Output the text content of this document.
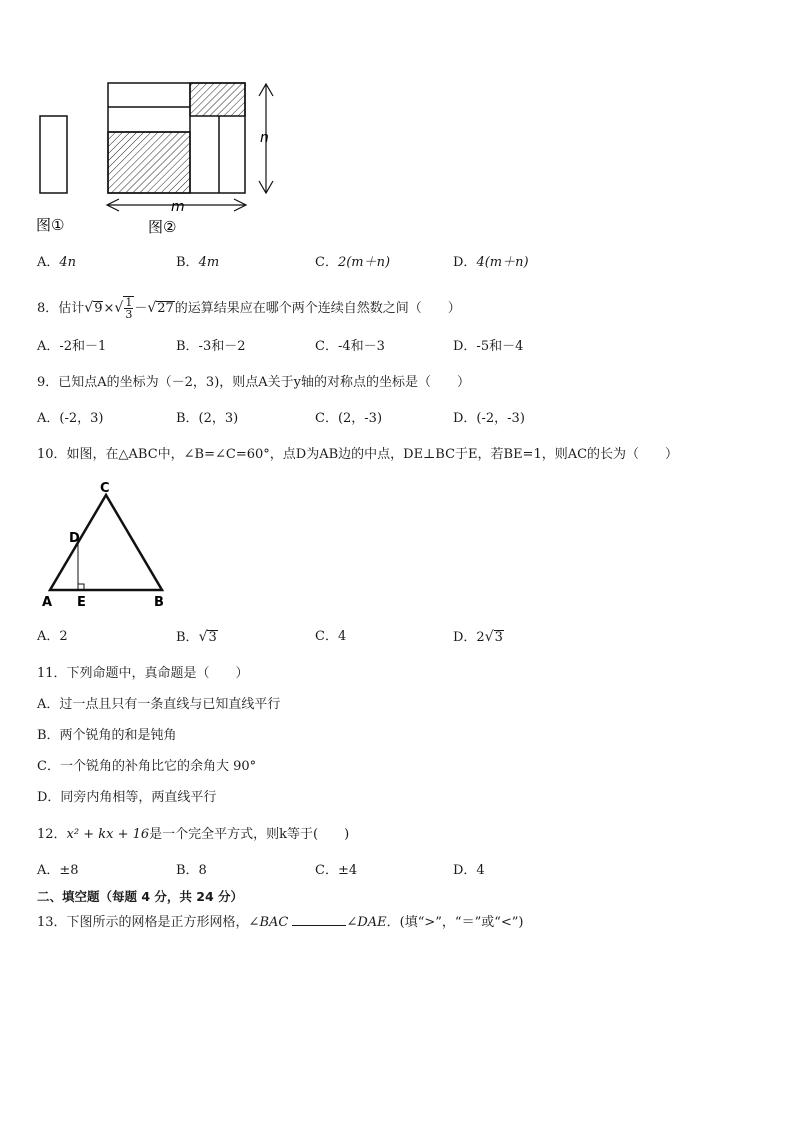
n
m
图①	图②
A．4n	B．4m	C．2(m＋n)	D．4(m＋n)
8．估计$√9\times√ \frac{1}{3} -√27$的运算结果应在哪个两个连续自然数之间（　　）
A．-2和－1	B．-3和－2	C．-4和－3	D．-5和－4
9．已知点A的坐标为（－2，3)，则点A关于y轴的对称点的坐标是（　　）
A．(-2，3)	B．(2，3)	C．(2，-3)	D．(-2，-3)
10．如图，在△ABC中，∠B=∠C=60°，点D为AB边的中点，DE⊥BC于E，若BE=1，则AC的长为（　　）
C
D
A E	B
A．2	B．√3	C．4	D．2√3
11．下列命题中，真命题是（　　）
A．过一点且只有一条直线与已知直线平行
B．两个锐角的和是钝角
C．一个锐角的补角比它的余角大 90°
D．同旁内角相等，两直线平行
12．x² + kx + 16是一个完全平方式，则k等于(　　)
A．±8	B．8	C．±4	D．4
二、填空题（每题 4 分，共 24 分）
13．下图所示的网格是正方形网格，∠BAC	∠DAE．(填“>”，“＝”或“<”)
